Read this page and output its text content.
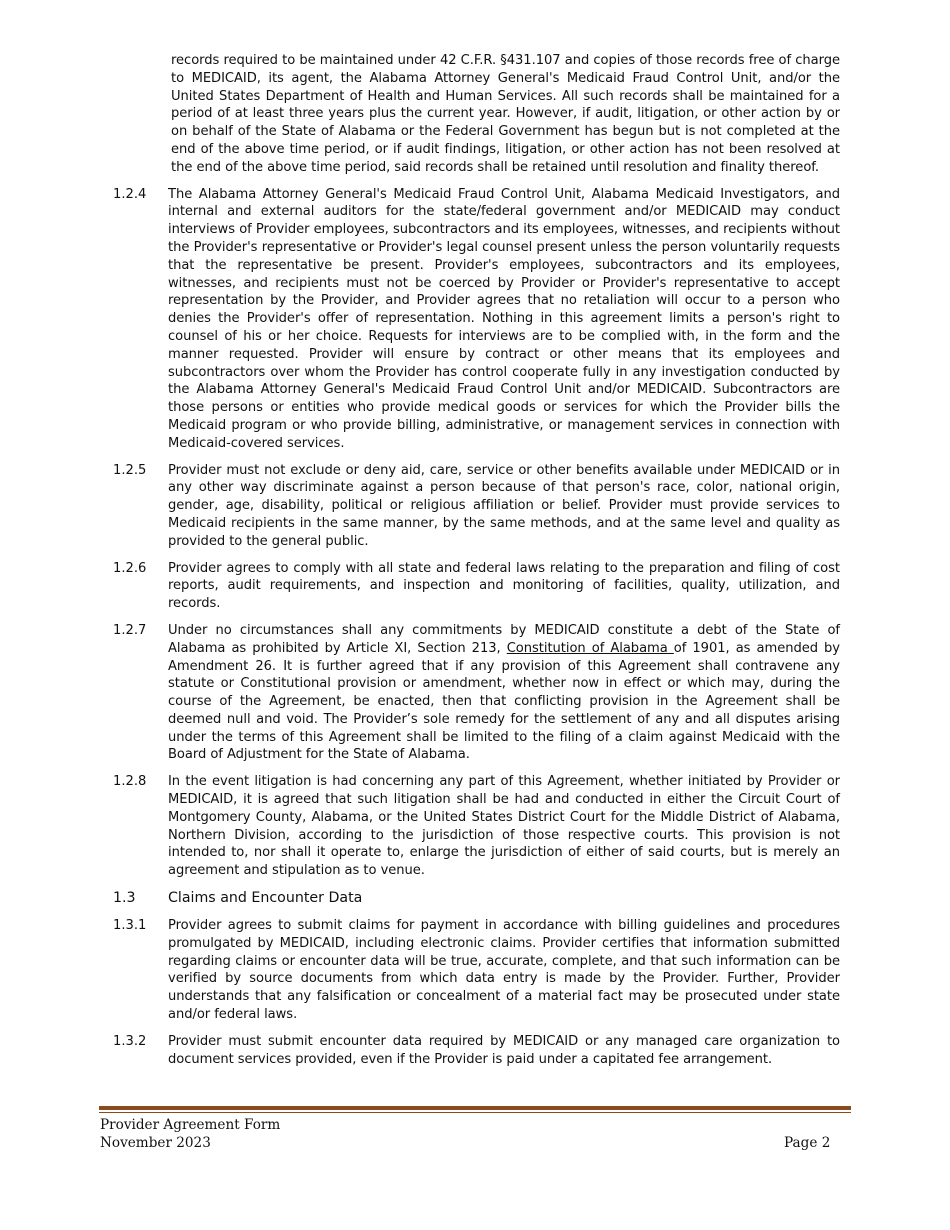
records required to be maintained under 42 C.F.R. §431.107 and copies of those records free of charge to MEDICAID, its agent, the Alabama Attorney General's Medicaid Fraud Control Unit, and/or the United States Department of Health and Human Services. All such records shall be maintained for a period of at least three years plus the current year. However, if audit, litigation, or other action by or on behalf of the State of Alabama or the Federal Government has begun but is not completed at the end of the above time period, or if audit findings, litigation, or other action has not been resolved at the end of the above time period, said records shall be retained until resolution and finality thereof.
1.2.4	The Alabama Attorney General's Medicaid Fraud Control Unit, Alabama Medicaid Investigators, and internal and external auditors for the state/federal government and/or MEDICAID may conduct interviews of Provider employees, subcontractors and its employees, witnesses, and recipients without the Provider's representative or Provider's legal counsel present unless the person voluntarily requests that the representative be present. Provider's employees, subcontractors and its employees, witnesses, and recipients must not be coerced by Provider or Provider's representative to accept representation by the Provider, and Provider agrees that no retaliation will occur to a person who denies the Provider's offer of representation. Nothing in this agreement limits a person's right to counsel of his or her choice. Requests for interviews are to be complied with, in the form and the manner requested. Provider will ensure by contract or other means that its employees and subcontractors over whom the Provider has control cooperate fully in any investigation conducted by the Alabama Attorney General's Medicaid Fraud Control Unit and/or MEDICAID. Subcontractors are those persons or entities who provide medical goods or services for which the Provider bills the Medicaid program or who provide billing, administrative, or management services in connection with Medicaid-covered services.
1.2.5	Provider must not exclude or deny aid, care, service or other benefits available under MEDICAID or in any other way discriminate against a person because of that person's race, color, national origin, gender, age, disability, political or religious affiliation or belief. Provider must provide services to Medicaid recipients in the same manner, by the same methods, and at the same level and quality as provided to the general public.
1.2.6	Provider agrees to comply with all state and federal laws relating to the preparation and filing of cost reports, audit requirements, and inspection and monitoring of facilities, quality, utilization, and records.
1.2.7	Under no circumstances shall any commitments by MEDICAID constitute a debt of the State of Alabama as prohibited by Article XI, Section 213, Constitution of Alabama of 1901, as amended by Amendment 26. It is further agreed that if any provision of this Agreement shall contravene any statute or Constitutional provision or amendment, whether now in effect or which may, during the course of the Agreement, be enacted, then that conflicting provision in the Agreement shall be deemed null and void. The Provider’s sole remedy for the settlement of any and all disputes arising under the terms of this Agreement shall be limited to the filing of a claim against Medicaid with the Board of Adjustment for the State of Alabama.
1.2.8	In the event litigation is had concerning any part of this Agreement, whether initiated by Provider or MEDICAID, it is agreed that such litigation shall be had and conducted in either the Circuit Court of Montgomery County, Alabama, or the United States District Court for the Middle District of Alabama, Northern Division, according to the jurisdiction of those respective courts. This provision is not intended to, nor shall it operate to, enlarge the jurisdiction of either of said courts, but is merely an agreement and stipulation as to venue.
1.3	Claims and Encounter Data
1.3.1	Provider agrees to submit claims for payment in accordance with billing guidelines and procedures promulgated by MEDICAID, including electronic claims. Provider certifies that information submitted regarding claims or encounter data will be true, accurate, complete, and that such information can be verified by source documents from which data entry is made by the Provider. Further, Provider understands that any falsification or concealment of a material fact may be prosecuted under state and/or federal laws.
1.3.2	Provider must submit encounter data required by MEDICAID or any managed care organization to document services provided, even if the Provider is paid under a capitated fee arrangement.
Provider Agreement Form
November 2023	Page 2
